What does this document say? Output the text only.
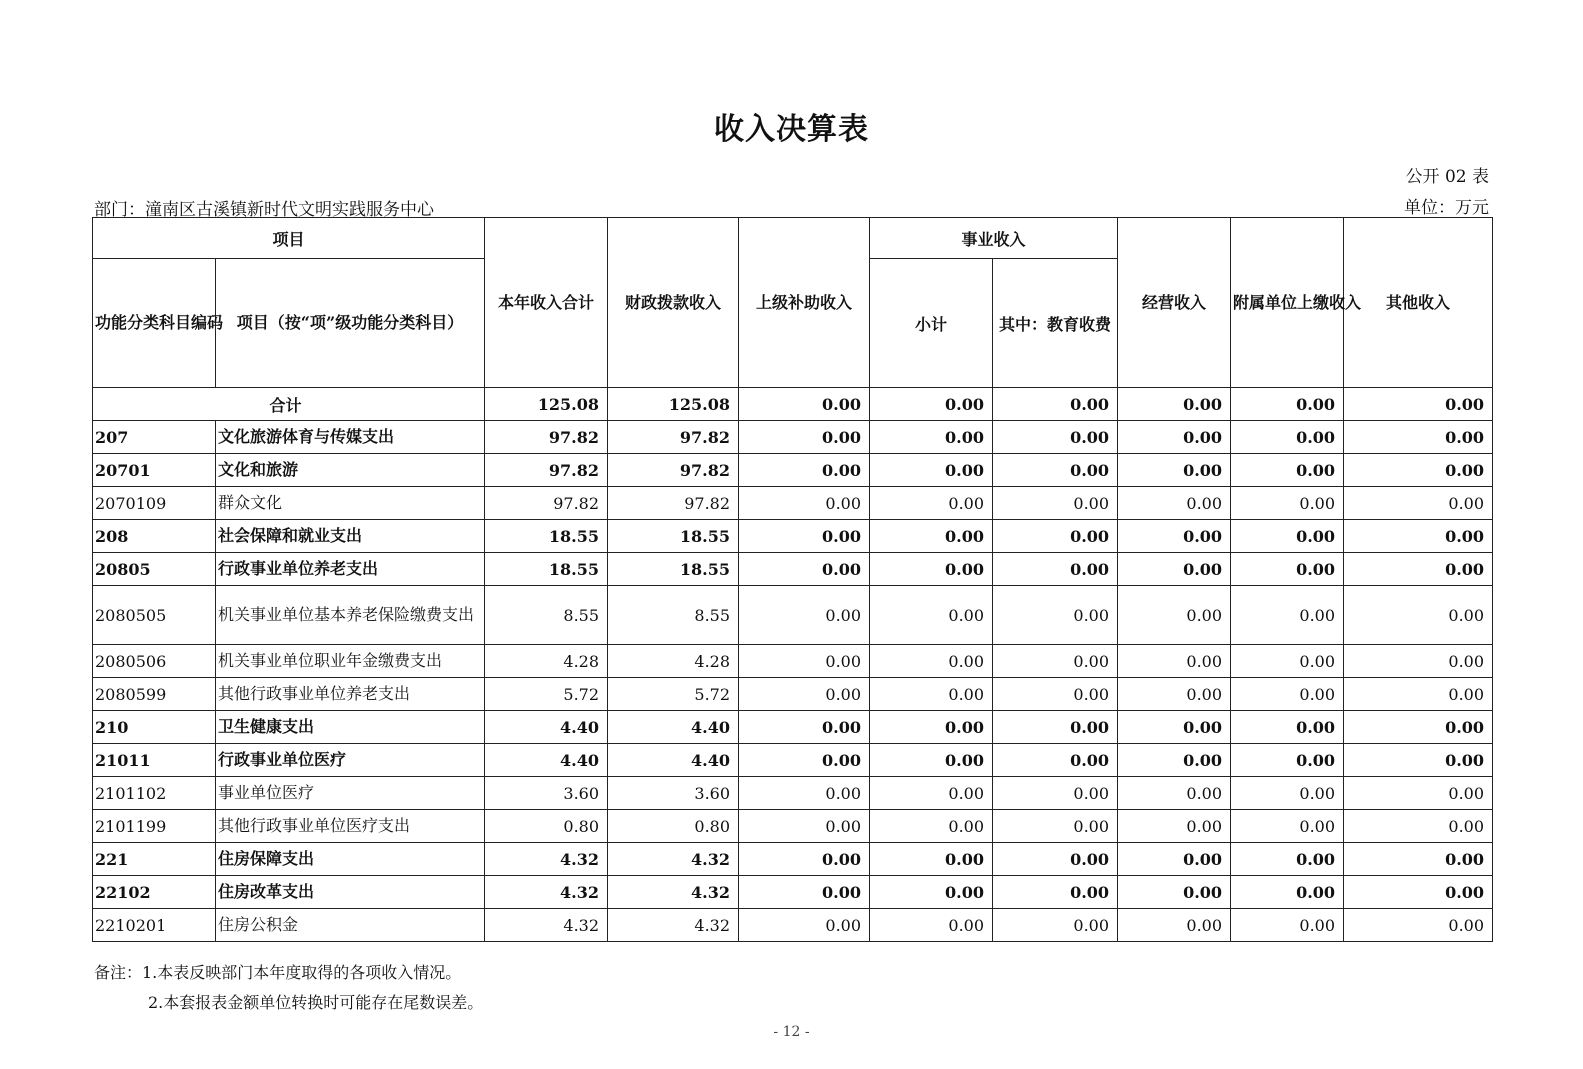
收入决算表
公开 02 表
部门：潼南区古溪镇新时代文明实践服务中心	单位：万元
项目		本年收入合计	财政拨款收入	上级补助收入	事业收入		经营收入	附属单位上缴收入	其他收入
功能分类科目编码	项目（按“项”级功能分类科目）				小计	其中：教育收费			
合计		125.08	125.08	0.00	0.00	0.00	0.00	0.00	0.00
207	文化旅游体育与传媒支出	97.82	97.82	0.00	0.00	0.00	0.00	0.00	0.00
20701	文化和旅游	97.82	97.82	0.00	0.00	0.00	0.00	0.00	0.00
2070109	群众文化	97.82	97.82	0.00	0.00	0.00	0.00	0.00	0.00
208	社会保障和就业支出	18.55	18.55	0.00	0.00	0.00	0.00	0.00	0.00
20805	行政事业单位养老支出	18.55	18.55	0.00	0.00	0.00	0.00	0.00	0.00
2080505	机关事业单位基本养老保险缴费支出	8.55	8.55	0.00	0.00	0.00	0.00	0.00	0.00
2080506	机关事业单位职业年金缴费支出	4.28	4.28	0.00	0.00	0.00	0.00	0.00	0.00
2080599	其他行政事业单位养老支出	5.72	5.72	0.00	0.00	0.00	0.00	0.00	0.00
210	卫生健康支出	4.40	4.40	0.00	0.00	0.00	0.00	0.00	0.00
21011	行政事业单位医疗	4.40	4.40	0.00	0.00	0.00	0.00	0.00	0.00
2101102	事业单位医疗	3.60	3.60	0.00	0.00	0.00	0.00	0.00	0.00
2101199	其他行政事业单位医疗支出	0.80	0.80	0.00	0.00	0.00	0.00	0.00	0.00
221	住房保障支出	4.32	4.32	0.00	0.00	0.00	0.00	0.00	0.00
22102	住房改革支出	4.32	4.32	0.00	0.00	0.00	0.00	0.00	0.00
2210201	住房公积金	4.32	4.32	0.00	0.00	0.00	0.00	0.00	0.00
备注：1.本表反映部门本年度取得的各项收入情况。
2.本套报表金额单位转换时可能存在尾数误差。
- 12 -
